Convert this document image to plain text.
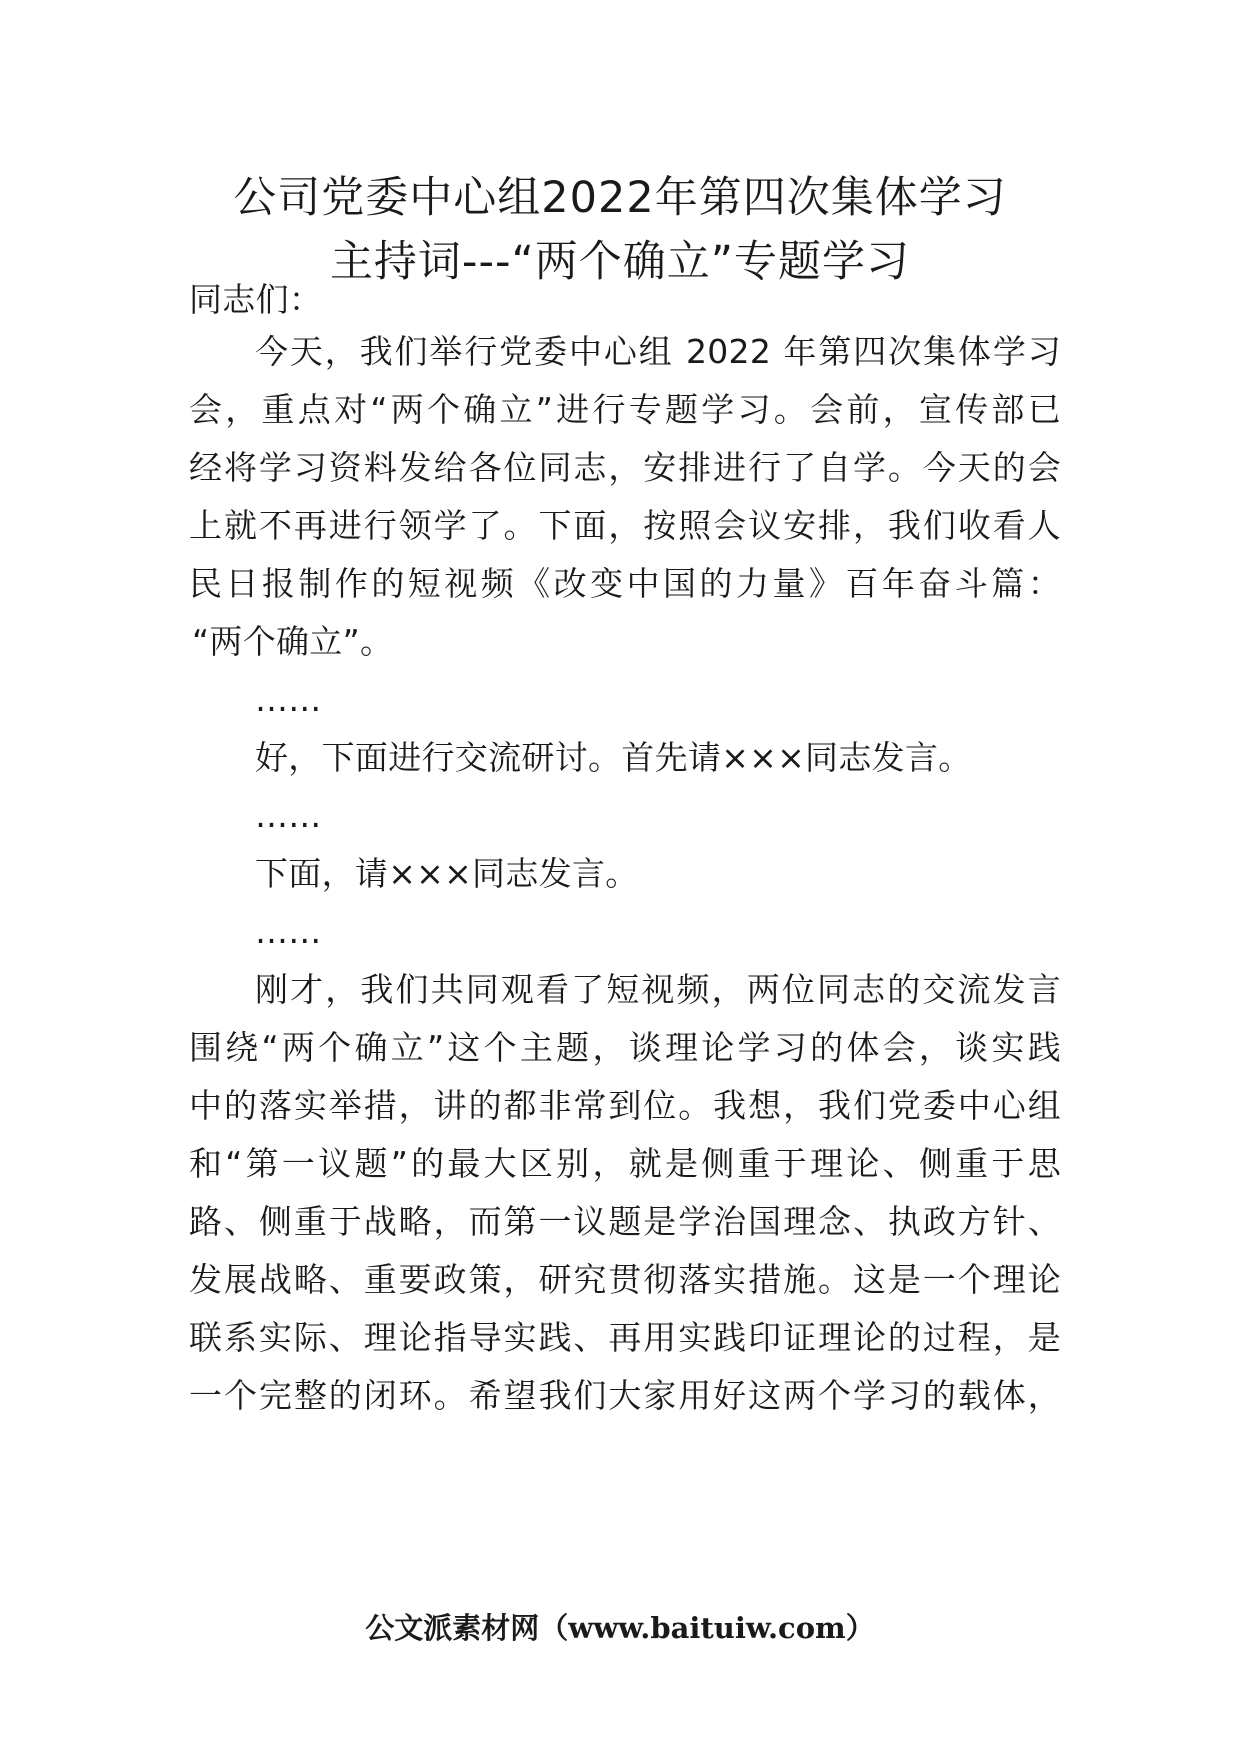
公司党委中心组2022年第四次集体学习
主持词---“两个确立”专题学习
同志们：
今天，我们举行党委中心组 2022 年第四次集体学习
会，重点对“两个确立”进行专题学习。会前，宣传部已
经将学习资料发给各位同志，安排进行了自学。今天的会
上就不再进行领学了。下面，按照会议安排，我们收看人
民日报制作的短视频《改变中国的力量》百年奋斗篇：
“两个确立”。
……
好，下面进行交流研讨。首先请×××同志发言。
……
下面，请×××同志发言。
……
刚才，我们共同观看了短视频，两位同志的交流发言
围绕“两个确立”这个主题，谈理论学习的体会，谈实践
中的落实举措，讲的都非常到位。我想，我们党委中心组
和“第一议题”的最大区别，就是侧重于理论、侧重于思
路、侧重于战略，而第一议题是学治国理念、执政方针、
发展战略、重要政策，研究贯彻落实措施。这是一个理论
联系实际、理论指导实践、再用实践印证理论的过程，是
一个完整的闭环。希望我们大家用好这两个学习的载体，
公文派素材网（www.baituiw.com）
